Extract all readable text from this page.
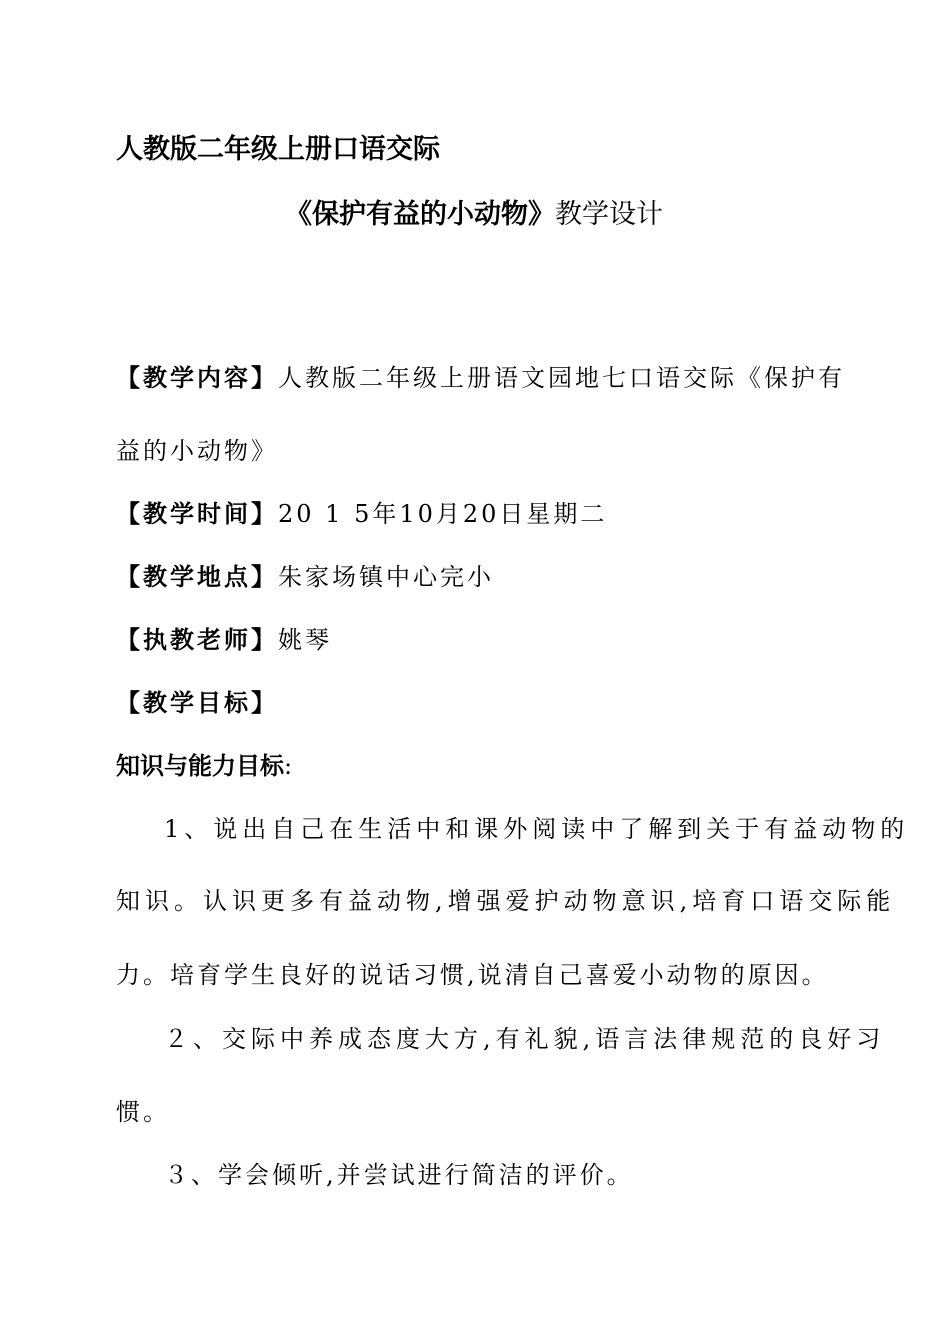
人教版二年级上册口语交际
《保护有益的小动物》教学设计
【教学内容】人教版二年级上册语文园地七口语交际《保护有
益的小动物》
【教学时间】20 1 5年10月20日星期二
【教学地点】朱家场镇中心完小
【执教老师】姚琴
【教学目标】
知识与能力目标:
1、说出自己在生活中和课外阅读中了解到关于有益动物的
知识。认识更多有益动物,增强爱护动物意识,培育口语交际能
力。培育学生良好的说话习惯,说清自己喜爱小动物的原因。
２、交际中养成态度大方,有礼貌,语言法律规范的良好习
惯。
３、学会倾听,并尝试进行简洁的评价。
